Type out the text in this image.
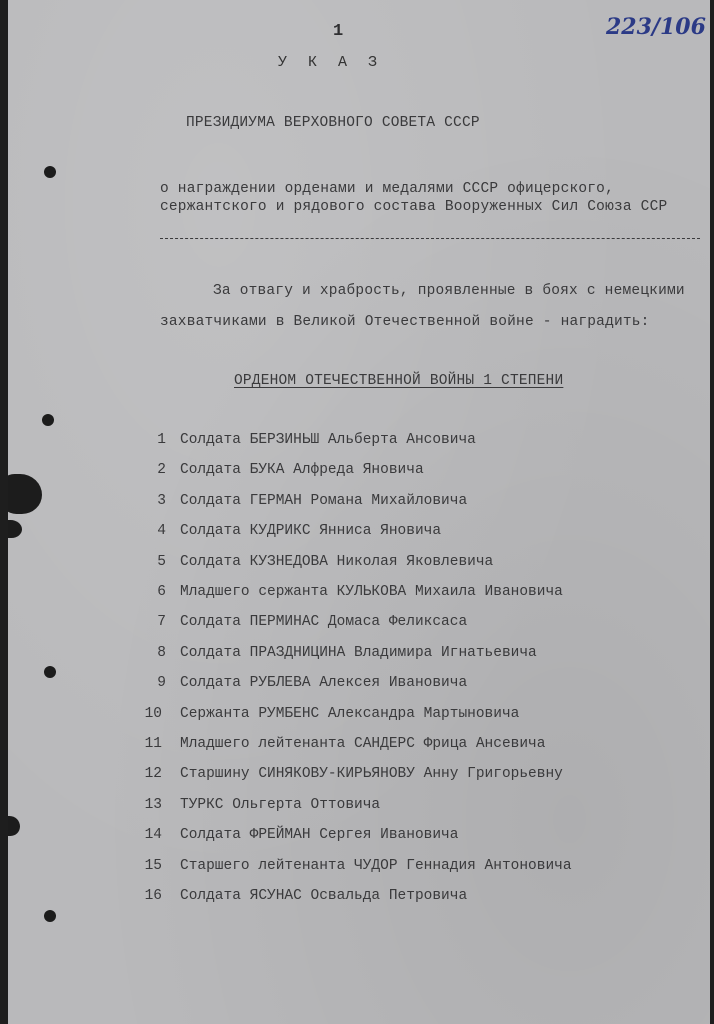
1	223/106
У К А З
ПРЕЗИДИУМА ВЕРХОВНОГО СОВЕТА СССР
о награждении орденами и медалями СССР офицерского,
сержантского и рядового состава Вооруженных Сил Союза ССР
За отвагу и храбрость, проявленные в боях с немецкими
захватчиками в Великой Отечественной войне - наградить:
ОРДЕНОМ ОТЕЧЕСТВЕННОЙ ВОЙНЫ 1 СТЕПЕНИ
1 Солдата БЕРЗИНЬШ Альберта Ансовича
2 Солдата БУКА Алфреда Яновича
3 Солдата ГЕРМАН Романа Михайловича
4 Солдата КУДРИКС Янниса Яновича
5 Солдата КУЗНЕДОВА Николая Яковлевича
6 Младшего сержанта КУЛЬКОВА Михаила Ивановича
7 Солдата ПЕРМИНАС Домаса Феликсаса
8 Солдата ПРАЗДНИЦИНА Владимира Игнатьевича
9 Солдата РУБЛЕВА Алексея Ивановича
10 Сержанта РУМБЕНС Александра Мартыновича
11 Младшего лейтенанта САНДЕРС Фрица Ансевича
12 Старшину СИНЯКОВУ-КИРЬЯНОВУ Анну Григорьевну
13 ТУРКС Ольгерта Оттовича
14 Солдата ФРЕЙМАН Сергея Ивановича
15 Старшего лейтенанта ЧУДОР Геннадия Антоновича
16 Солдата ЯСУНАС Освальда Петровича
